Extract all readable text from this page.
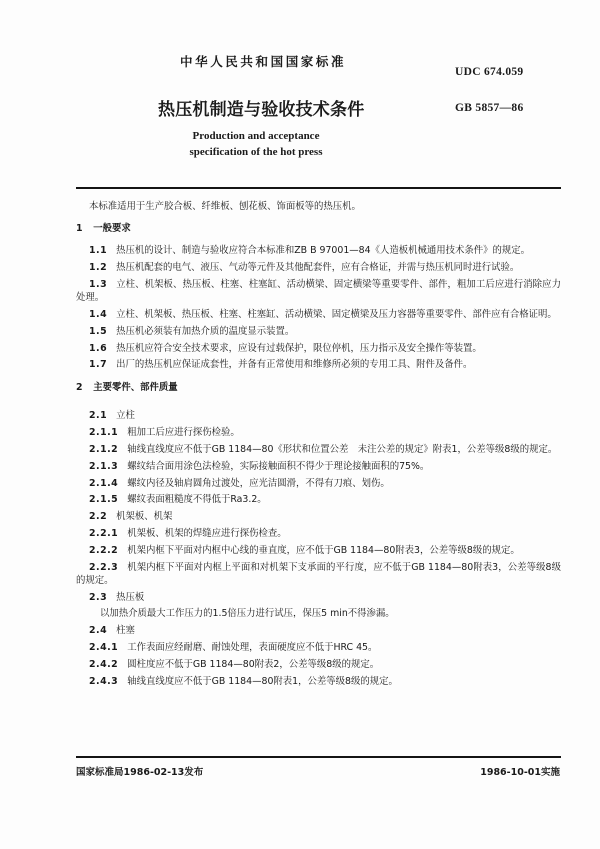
中华人民共和国国家标准
UDC 674.059
热压机制造与验收技术条件	GB 5857—86
Production and acceptance
specification of the hot press

本标准适用于生产胶合板、纤维板、刨花板、饰面板等的热压机。

1 一般要求

1.1 热压机的设计、制造与验收应符合本标准和ZB B 97001—84《人造板机械通用技术条件》的规定。

1.2 热压机配套的电气、液压、气动等元件及其他配套件，应有合格证，并需与热压机同时进行试验。

1.3 立柱、机架板、热压板、柱塞、柱塞缸、活动横梁、固定横梁等重要零件、部件，粗加工后应进行消除应力处理。

1.4 立柱、机架板、热压板、柱塞、柱塞缸、活动横梁、固定横梁及压力容器等重要零件、部件应有合格证明。

1.5 热压机必须装有加热介质的温度显示装置。

1.6 热压机应符合安全技术要求，应设有过载保护，限位停机，压力指示及安全操作等装置。

1.7 出厂的热压机应保证成套性，并备有正常使用和维修所必须的专用工具、附件及备件。

2 主要零件、部件质量

2.1 立柱

2.1.1 粗加工后应进行探伤检验。

2.1.2 轴线直线度应不低于GB 1184—80《形状和位置公差　未注公差的规定》附表1，公差等级8级的规定。

2.1.3 螺纹结合面用涂色法检验，实际接触面积不得少于理论接触面积的75%。

2.1.4 螺纹内径及轴肩圆角过渡处，应光洁圆滑，不得有刀痕、划伤。

2.1.5 螺纹表面粗糙度不得低于Ra3.2。

2.2 机架板、机架

2.2.1 机架板、机架的焊缝应进行探伤检查。

2.2.2 机架内框下平面对内框中心线的垂直度，应不低于GB 1184—80附表3，公差等级8级的规定。

2.2.3 机架内框下平面对内框上平面和对机架下支承面的平行度，应不低于GB 1184—80附表3，公差等级8级的规定。

2.3 热压板

以加热介质最大工作压力的1.5倍压力进行试压，保压5 min不得渗漏。

2.4 柱塞

2.4.1 工作表面应经耐磨、耐蚀处理，表面硬度应不低于HRC 45。

2.4.2 圆柱度应不低于GB 1184—80附表2，公差等级8级的规定。

2.4.3 轴线直线度应不低于GB 1184—80附表1，公差等级8级的规定。

国家标准局1986-02-13发布	1986-10-01实施
